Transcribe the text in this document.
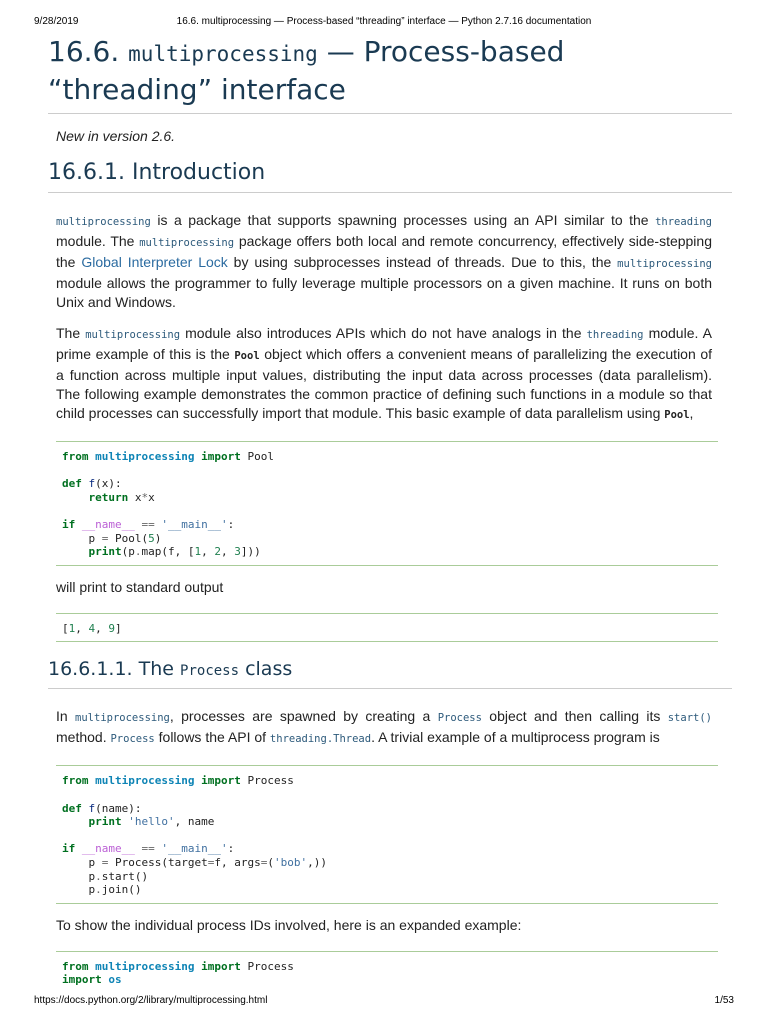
9/28/2019	16.6. multiprocessing — Process-based “threading” interface — Python 2.7.16 documentation
16.6. multiprocessing — Process-based “threading” interface
New in version 2.6.
16.6.1. Introduction

multiprocessing is a package that supports spawning processes using an API similar to the threading module. The multiprocessing package offers both local and remote concurrency, effectively side-stepping the Global Interpreter Lock by using subprocesses instead of threads. Due to this, the multiprocessing module allows the programmer to fully leverage multiple processors on a given machine. It runs on both Unix and Windows.

The multiprocessing module also introduces APIs which do not have analogs in the threading module. A prime example of this is the Pool object which offers a convenient means of parallelizing the execution of a function across multiple input values, distributing the input data across processes (data parallelism). The following example demonstrates the common practice of defining such functions in a module so that child processes can successfully import that module. This basic example of data parallelism using Pool,

from multiprocessing import Pool

def f(x):
return x*x

if __name__ == '__main__':
p = Pool(5)
print(p.map(f, [1, 2, 3]))

will print to standard output

[1, 4, 9]
16.6.1.1. The Process class

In multiprocessing, processes are spawned by creating a Process object and then calling its start() method. Process follows the API of threading.Thread. A trivial example of a multiprocess program is

from multiprocessing import Process

def f(name):
print 'hello', name

if __name__ == '__main__':
p = Process(target=f, args=('bob',))
p.start()
p.join()

To show the individual process IDs involved, here is an expanded example:

from multiprocessing import Process
import os
https://docs.python.org/2/library/multiprocessing.html	1/53
